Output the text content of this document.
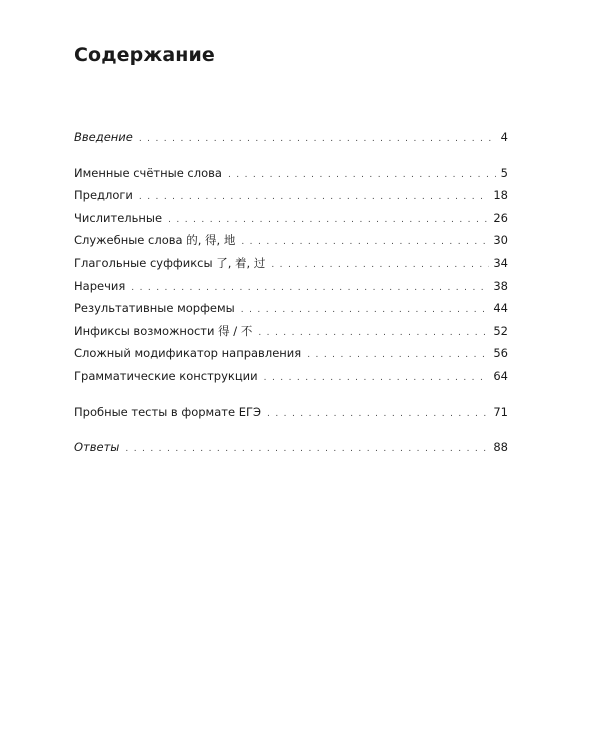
Содержание
Введение . . .	4
Именные счётные слова . . .	5
Предлоги . . .	18
Числительные . . .	26
Служебные слова 的, 得, 地 . . .	30
Глагольные суффиксы 了, 着, 过 . . .	34
Наречия . . .	38
Результативные морфемы . . .	44
Инфиксы возможности 得 / 不 . . .	52
Сложный модификатор направления . . .	56
Грамматические конструкции . . .	64
Пробные тесты в формате ЕГЭ . . .	71
Ответы . . .	88
